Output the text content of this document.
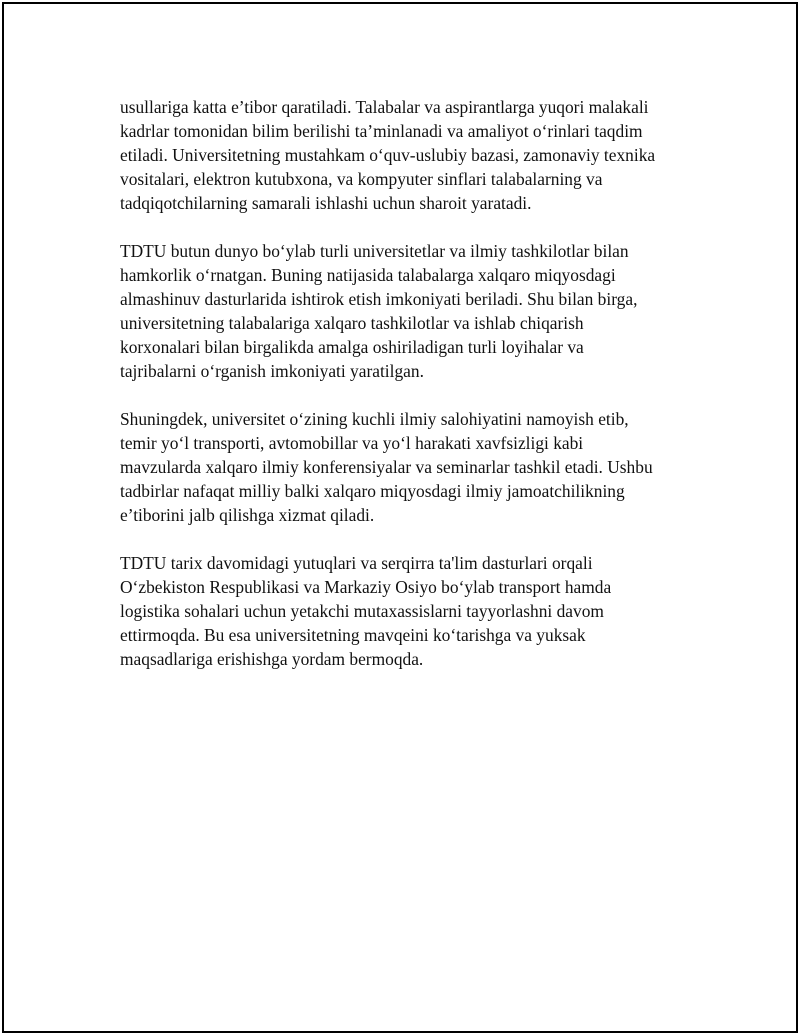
usullariga katta e’tibor qaratiladi. Talabalar va aspirantlarga yuqori malakali
kadrlar tomonidan bilim berilishi ta’minlanadi va amaliyot o‘rinlari taqdim
etiladi. Universitetning mustahkam o‘quv-uslubiy bazasi, zamonaviy texnika
vositalari, elektron kutubxona, va kompyuter sinflari talabalarning va
tadqiqotchilarning samarali ishlashi uchun sharoit yaratadi.

TDTU butun dunyo bo‘ylab turli universitetlar va ilmiy tashkilotlar bilan
hamkorlik o‘rnatgan. Buning natijasida talabalarga xalqaro miqyosdagi
almashinuv dasturlarida ishtirok etish imkoniyati beriladi. Shu bilan birga,
universitetning talabalariga xalqaro tashkilotlar va ishlab chiqarish
korxonalari bilan birgalikda amalga oshiriladigan turli loyihalar va
tajribalarni o‘rganish imkoniyati yaratilgan.

Shuningdek, universitet o‘zining kuchli ilmiy salohiyatini namoyish etib,
temir yo‘l transporti, avtomobillar va yo‘l harakati xavfsizligi kabi
mavzularda xalqaro ilmiy konferensiyalar va seminarlar tashkil etadi. Ushbu
tadbirlar nafaqat milliy balki xalqaro miqyosdagi ilmiy jamoatchilikning
e’tiborini jalb qilishga xizmat qiladi.

TDTU tarix davomidagi yutuqlari va serqirra ta'lim dasturlari orqali
O‘zbekiston Respublikasi va Markaziy Osiyo bo‘ylab transport hamda
logistika sohalari uchun yetakchi mutaxassislarni tayyorlashni davom
ettirmoqda. Bu esa universitetning mavqeini ko‘tarishga va yuksak
maqsadlariga erishishga yordam bermoqda.
